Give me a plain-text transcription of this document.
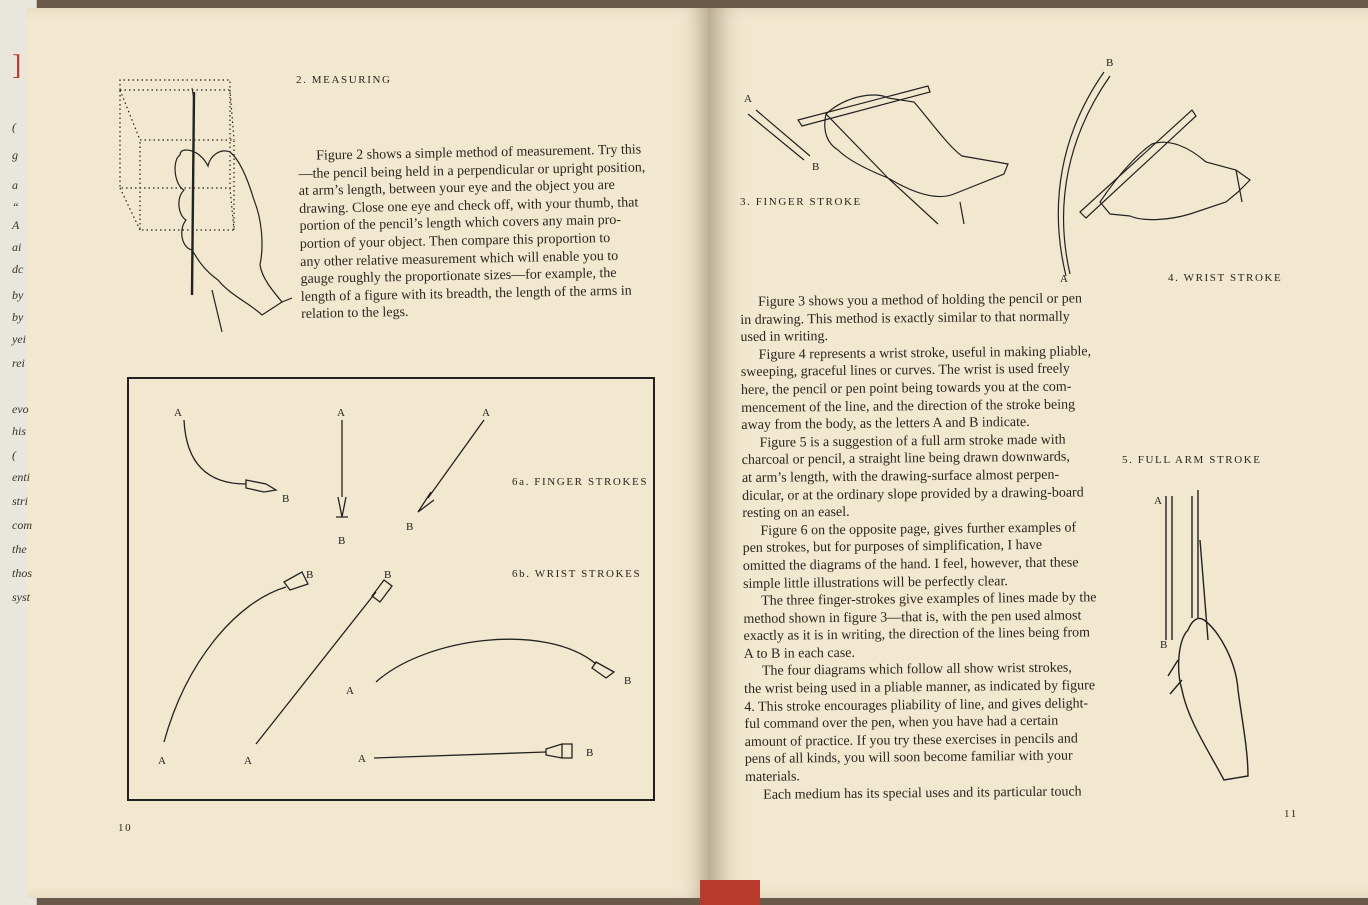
2. MEASURING
Figure 2 shows a simple method of measurement. Try this
—the pencil being held in a perpendicular or upright position,
at arm’s length, between your eye and the object you are
drawing. Close one eye and check off, with your thumb, that
portion of the pencil’s length which covers any main pro-
portion of your object. Then compare this proportion to
any other relative measurement which will enable you to
gauge roughly the proportionate sizes—for example, the
length of a figure with its breadth, the length of the arms in
relation to the legs.
A
B
A
B
A
B
A
B
A
B
A
B
A	B
6a. FINGER STROKES
6b. WRIST STROKES
10
]
(
g
a
“
A
ai
dc
by
by
yei
rei
evo
his
(
enti
stri
com
the
thos
syst
A
B
3. FINGER STROKE
B
A	4. WRIST STROKE
Figure 3 shows you a method of holding the pencil or pen
in drawing. This method is exactly similar to that normally
used in writing.
Figure 4 represents a wrist stroke, useful in making pliable,
sweeping, graceful lines or curves. The wrist is used freely
here, the pencil or pen point being towards you at the com-
mencement of the line, and the direction of the stroke being
away from the body, as the letters A and B indicate.
Figure 5 is a suggestion of a full arm stroke made with
charcoal or pencil, a straight line being drawn downwards,
at arm’s length, with the drawing-surface almost perpen-
dicular, or at the ordinary slope provided by a drawing-board
resting on an easel.
Figure 6 on the opposite page, gives further examples of
pen strokes, but for purposes of simplification, I have
omitted the diagrams of the hand. I feel, however, that these
simple little illustrations will be perfectly clear.
The three finger-strokes give examples of lines made by the
method shown in figure 3—that is, with the pen used almost
exactly as it is in writing, the direction of the lines being from
A to B in each case.
The four diagrams which follow all show wrist strokes,
the wrist being used in a pliable manner, as indicated by figure
4. This stroke encourages pliability of line, and gives delight-
ful command over the pen, when you have had a certain
amount of practice. If you try these exercises in pencils and
pens of all kinds, you will soon become familiar with your
materials.
Each medium has its special uses and its particular touch
5. FULL ARM STROKE
A
B
11
